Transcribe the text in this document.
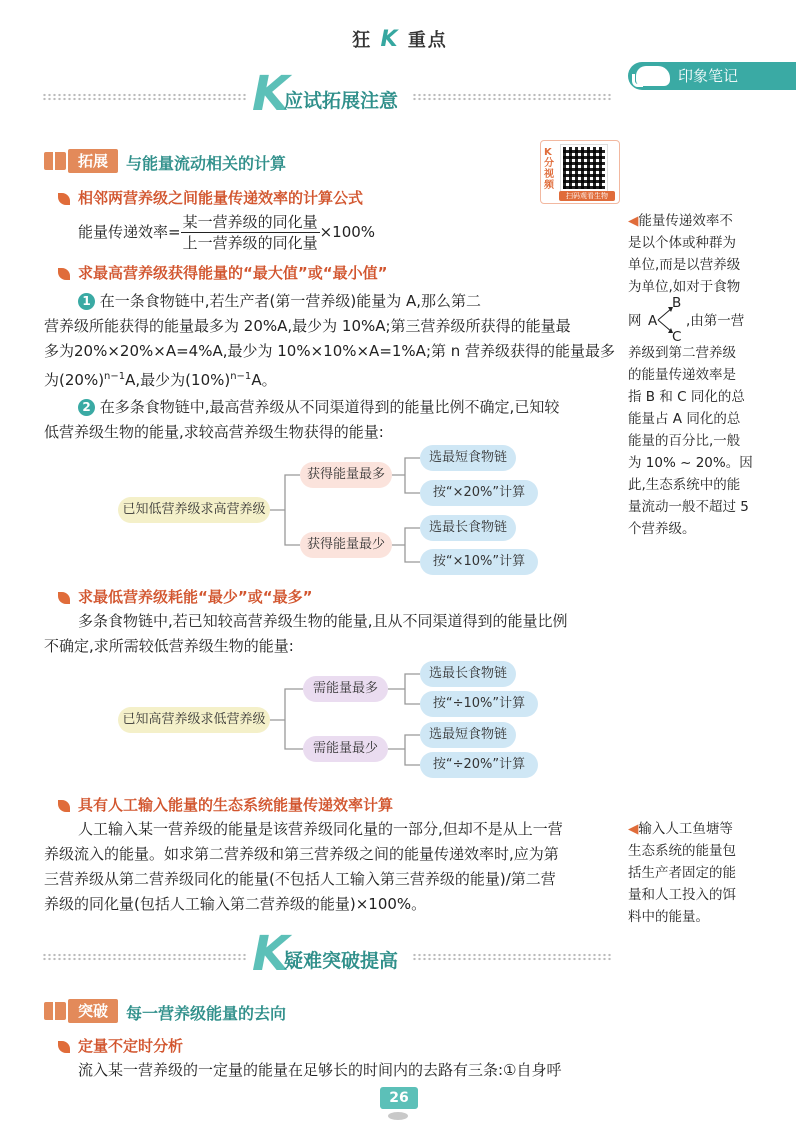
狂 K 重点
印象笔记
K
应试拓展注意
拓展	与能量流动相关的计算
K分视频
扫码观看生物
相邻两营养级之间能量传递效率的计算公式
能量传递效率= $\frac{\text{某一营养级的同化量}}{\text{上一营养级的同化量}} \times 100\%$
求最高营养级获得能量的“最大值”或“最小值”
1 在一条食物链中,若生产者(第一营养级)能量为 A,那么第二
营养级所能获得的能量最多为 20%A,最少为 10%A;第三营养级所获得的能量最
多为20%×20%×A=4%A,最少为 10%×10%×A=1%A;第 n 营养级获得的能量最多
为$(20\%)^{n-1}A$,最少为$(10\%)^{n-1}A$。
2 在多条食物链中,最高营养级从不同渠道得到的能量比例不确定,已知较
低营养级生物的能量,求较高营养级生物获得的能量:
已知低营养级求高营养级
获得能量最多
获得能量最少
选最短食物链
按“×20%”计算
选最长食物链
按“×10%”计算
求最低营养级耗能“最少”或“最多”
多条食物链中,若已知较高营养级生物的能量,且从不同渠道得到的能量比例
不确定,求所需较低营养级生物的能量:
已知高营养级求低营养级
需能量最多
需能量最少
选最长食物链
按“÷10%”计算
选最短食物链
按“÷20%”计算
具有人工输入能量的生态系统能量传递效率计算
人工输入某一营养级的能量是该营养级同化量的一部分,但却不是从上一营
养级流入的能量。如求第二营养级和第三营养级之间的能量传递效率时,应为第
三营养级从第二营养级同化的能量(不包括人工输入第三营养级的能量)/第二营
养级的同化量(包括人工输入第二营养级的能量)×100%。
◀能量传递效率不
是以个体或种群为
单位,而是以营养级
为单位,如对于食物
网 A
B
C
,由第一营
养级到第二营养级
的能量传递效率是
指 B 和 C 同化的总
能量占 A 同化的总
能量的百分比,一般
为 10% ~ 20%。因
此,生态系统中的能
量流动一般不超过 5
个营养级。
◀输入人工鱼塘等
生态系统的能量包
括生产者固定的能
量和人工投入的饵
料中的能量。
K
疑难突破提高
突破	每一营养级能量的去向
定量不定时分析
流入某一营养级的一定量的能量在足够长的时间内的去路有三条:①自身呼
26
